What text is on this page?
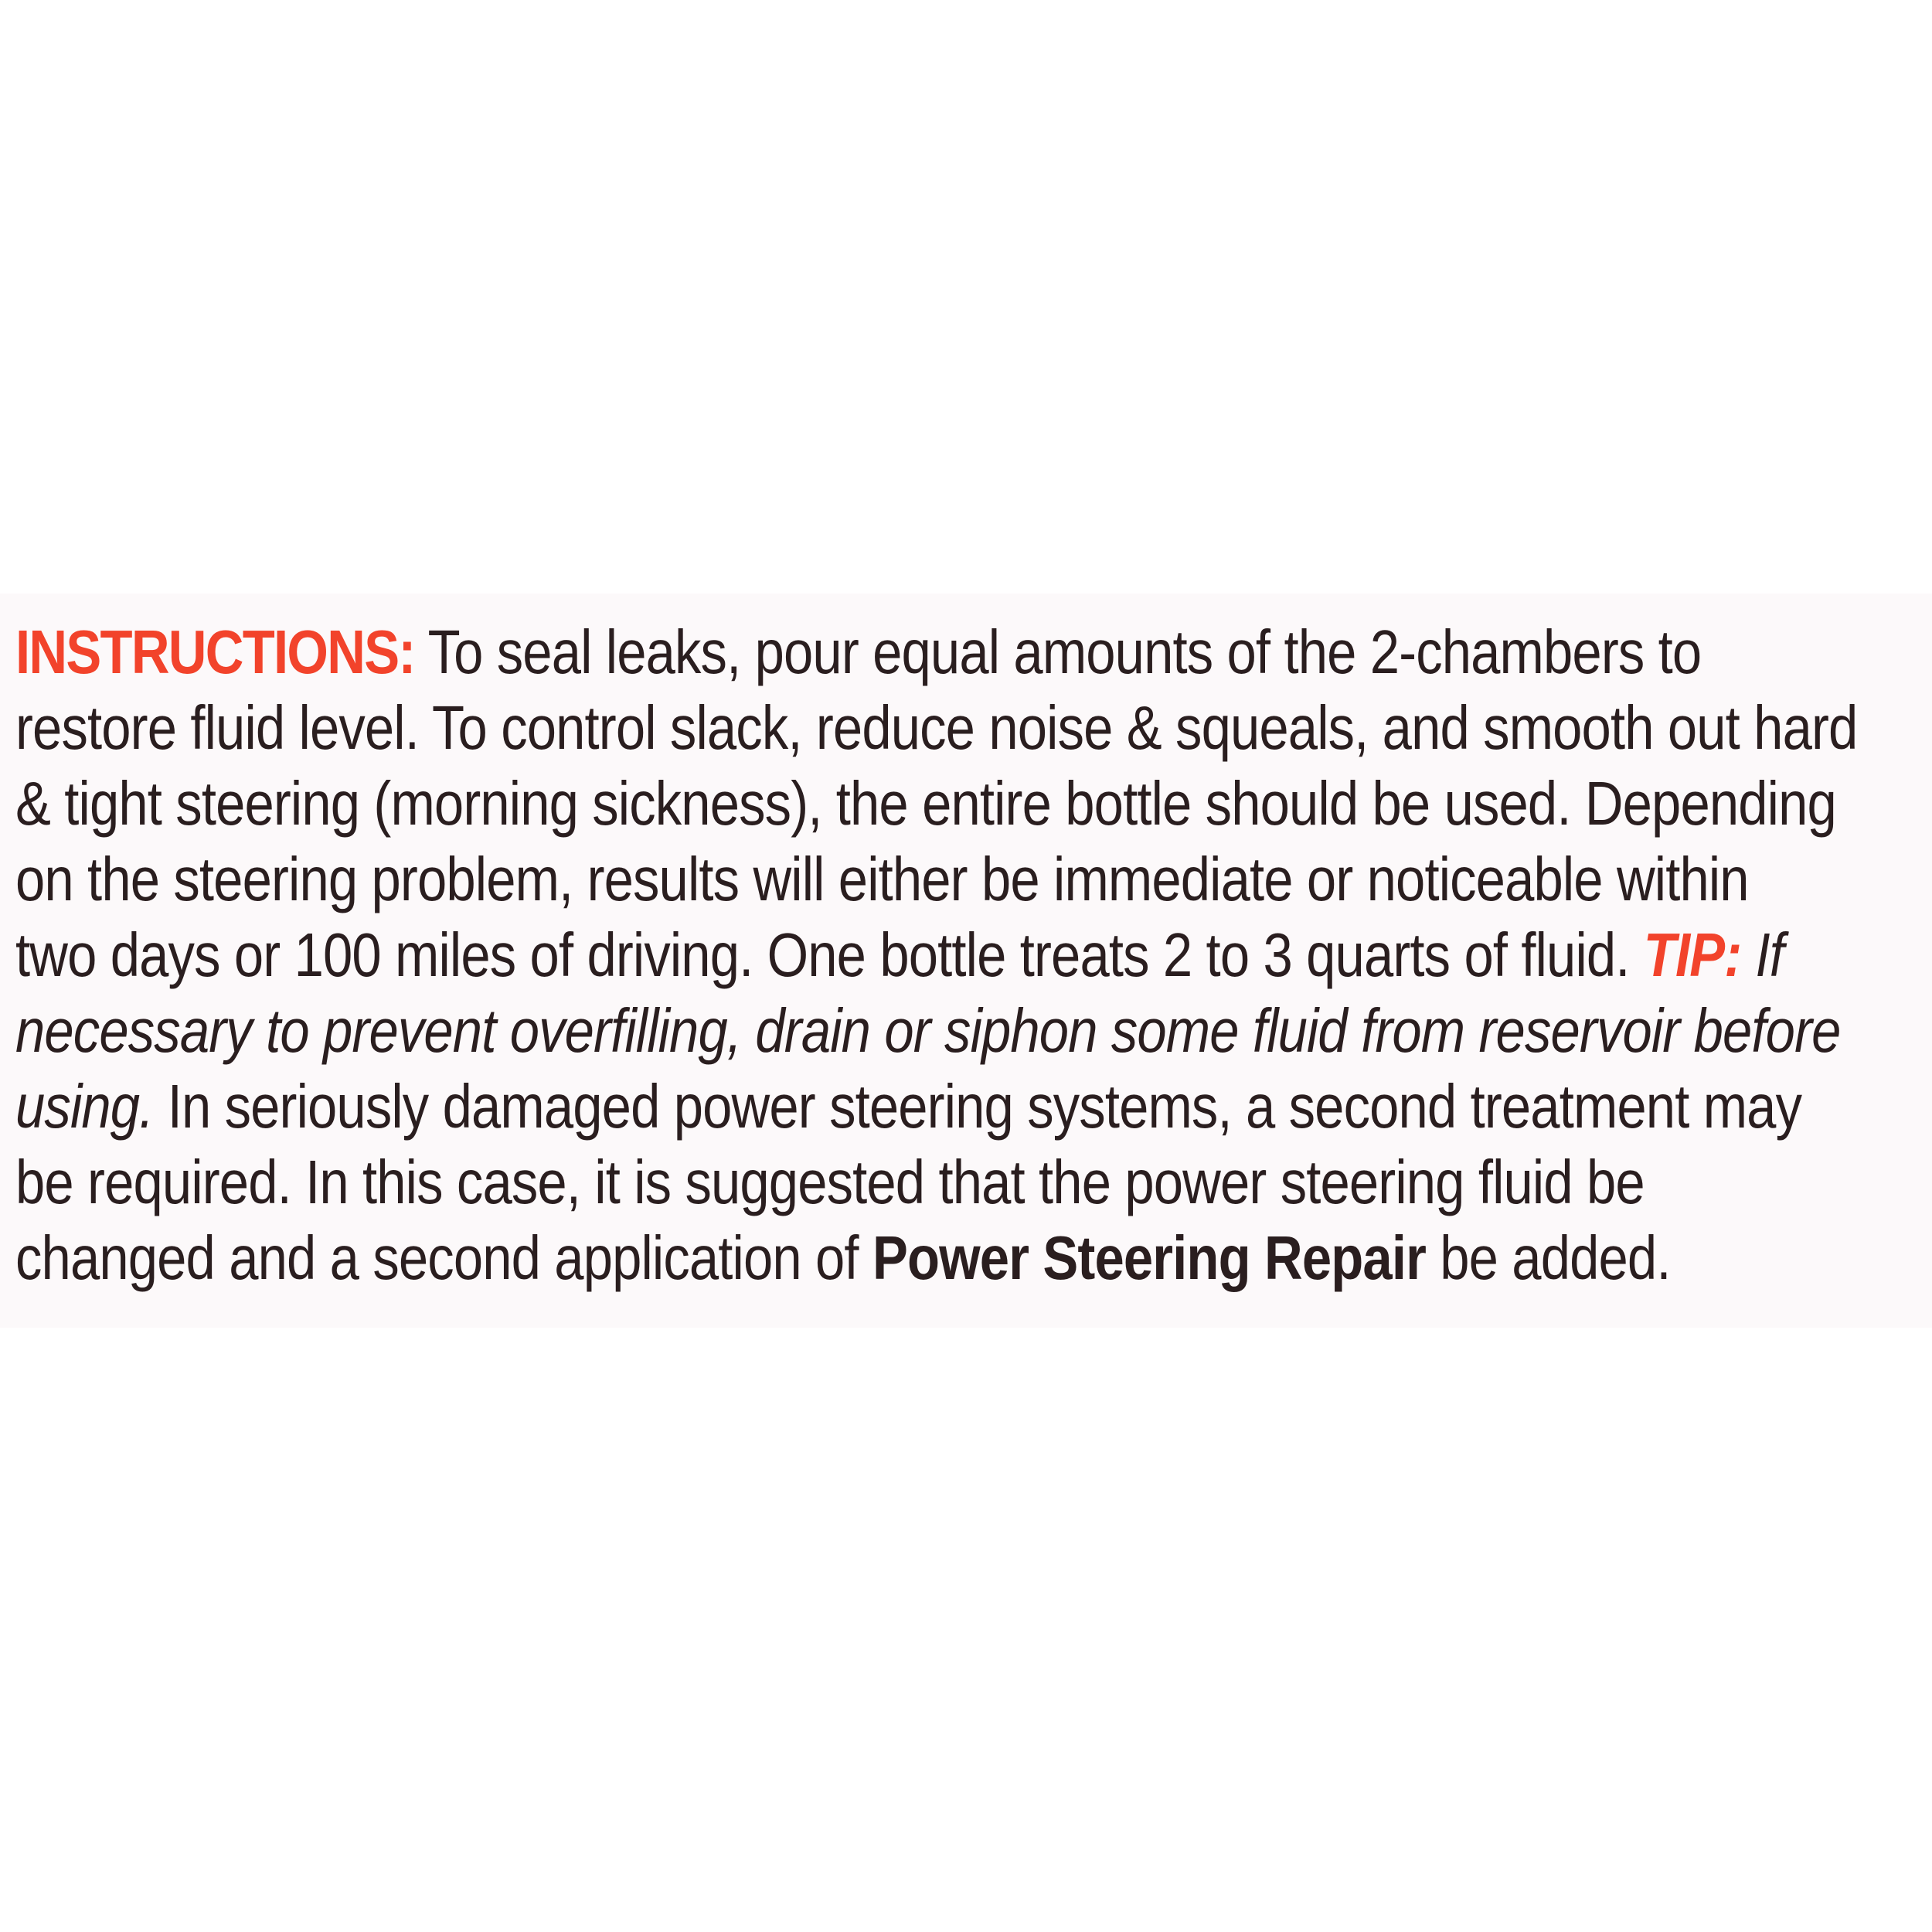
INSTRUCTIONS: To seal leaks, pour equal amounts of the 2-chambers to
restore fluid level. To control slack, reduce noise & squeals, and smooth out hard
& tight steering (morning sickness), the entire bottle should be used. Depending
on the steering problem, results will either be immediate or noticeable within
two days or 100 miles of driving. One bottle treats 2 to 3 quarts of fluid. TIP: If
necessary to prevent overfilling, drain or siphon some fluid from reservoir before
using. In seriously damaged power steering systems, a second treatment may
be required. In this case, it is suggested that the power steering fluid be
changed and a second application of Power Steering Repair be added.
